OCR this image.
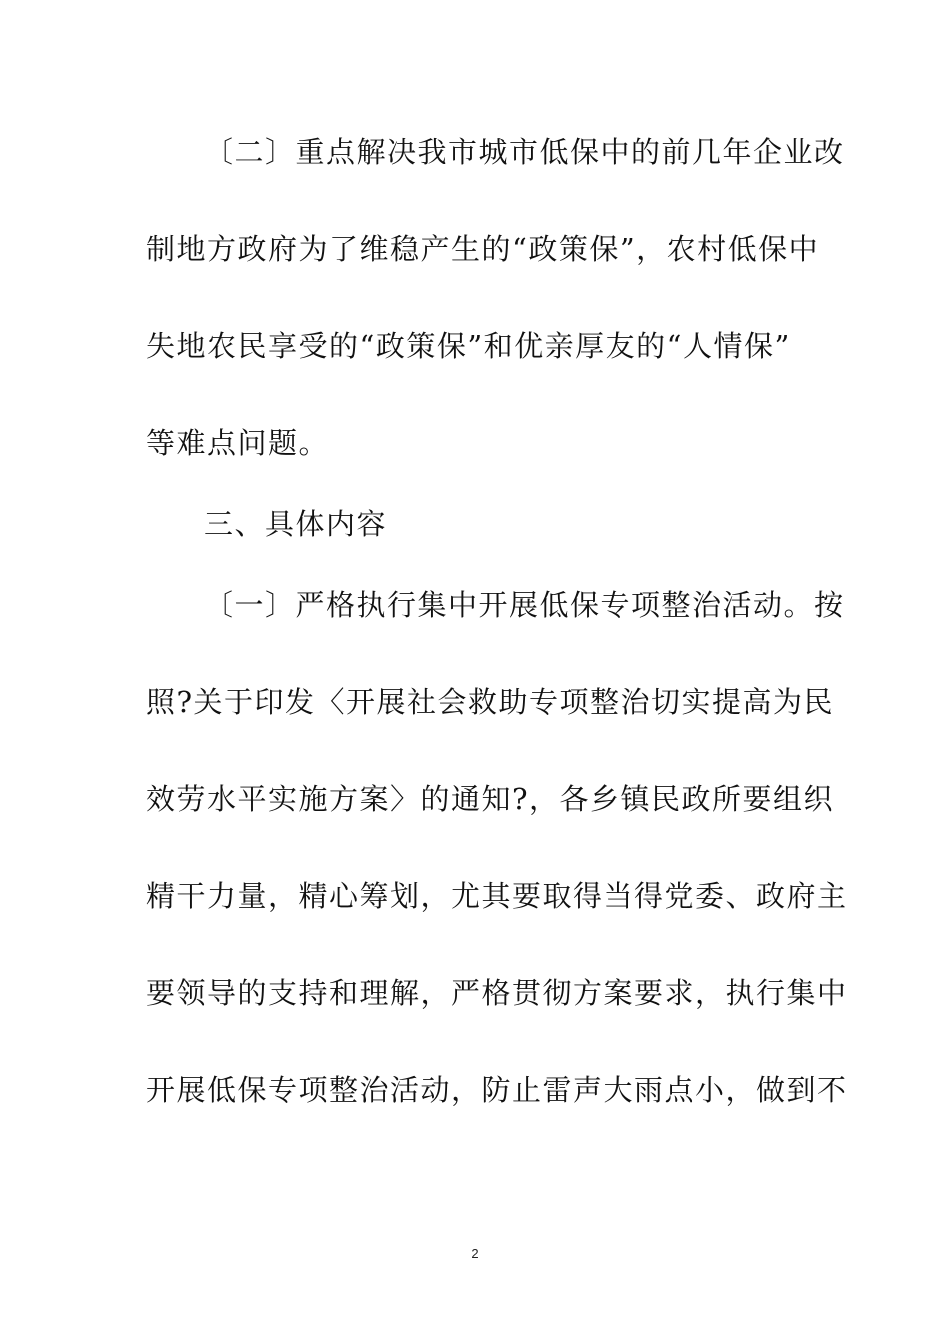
〔二〕重点解决我市城市低保中的前几年企业改
制地方政府为了维稳产生的“政策保”，农村低保中
失地农民享受的“政策保”和优亲厚友的“人情保”
等难点问题。
三、具体内容
〔一〕严格执行集中开展低保专项整治活动。按
照?关于印发〈开展社会救助专项整治切实提高为民
效劳水平实施方案〉的通知?，各乡镇民政所要组织
精干力量，精心筹划，尤其要取得当得党委、政府主
要领导的支持和理解，严格贯彻方案要求，执行集中
开展低保专项整治活动，防止雷声大雨点小，做到不
2
